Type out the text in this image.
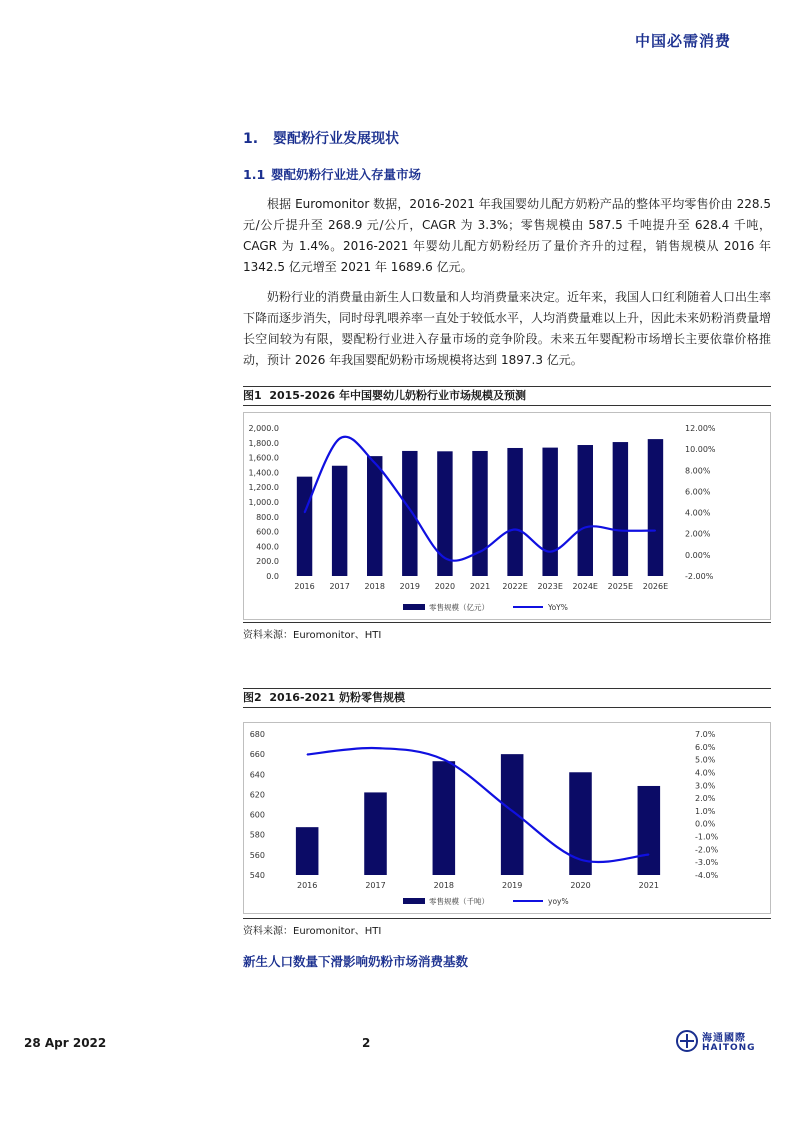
中国必需消费
1. 婴配粉行业发展现状
1.1 婴配奶粉行业进入存量市场

根据 Euromonitor 数据，2016-2021 年我国婴幼儿配方奶粉产品的整体平均零售价由 228.5 元/公斤提升至 268.9 元/公斤，CAGR 为 3.3%；零售规模由 587.5 千吨提升至 628.4 千吨，CAGR 为 1.4%。2016-2021 年婴幼儿配方奶粉经历了量价齐升的过程，销售规模从 2016 年 1342.5 亿元增至 2021 年 1689.6 亿元。

奶粉行业的消费量由新生人口数量和人均消费量来决定。近年来，我国人口红利随着人口出生率下降而逐步消失，同时母乳喂养率一直处于较低水平，人均消费量难以上升，因此未来奶粉消费量增长空间较为有限，婴配粉行业进入存量市场的竞争阶段。未来五年婴配粉市场增长主要依靠价格推动，预计 2026 年我国婴配奶粉市场规模将达到 1897.3 亿元。

图1 2015-2026 年中国婴幼儿奶粉行业市场规模及预测
0.0
200.0
400.0
600.0
800.0
1,000.0
1,200.0
1,400.0
1,600.0
1,800.0
2,000.0
-2.00%
0.00%
2.00%
4.00%
6.00%
8.00%
10.00%
12.00%
2016 2017 2018 2019 2020 2021 2022E 2023E 2024E 2025E 2026E
零售规模（亿元）	YoY%
资料来源：Euromonitor、HTI
图2 2016-2021 奶粉零售规模
540
560
580
600
620
640
660
680
-4.0%
-3.0%
-2.0%
-1.0%
0.0%
1.0%
2.0%
3.0%
4.0%
5.0%
6.0%
7.0%
2016	2017	2018	2019	2020	2021
零售规模（千吨）	yoy%
资料来源：Euromonitor、HTI
新生人口数量下滑影响奶粉市场消费基数
28 Apr 2022	2	海通國際
HAITONG
